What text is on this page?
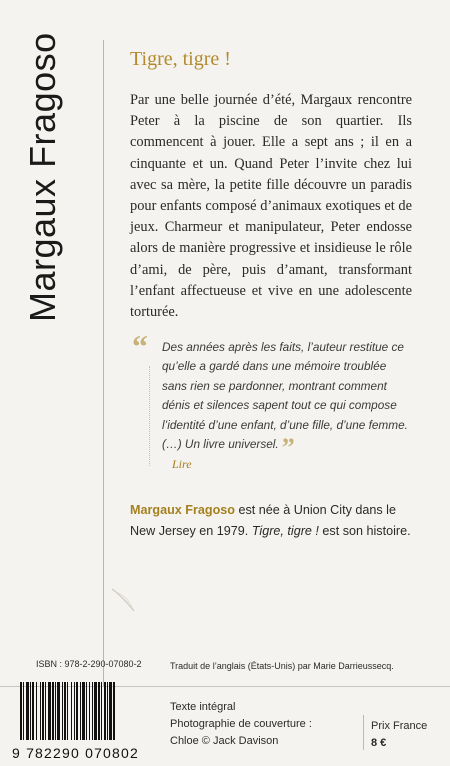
Margaux Fragoso	Tigre, tigre !
Par une belle journée d’été, Margaux rencontre Peter à la piscine de son quartier. Ils commencent à jouer. Elle a sept ans ; il en a cinquante et un. Quand Peter l’invite chez lui avec sa mère, la petite fille découvre un paradis pour enfants composé d’animaux exotiques et de jeux. Charmeur et manipulateur, Peter endosse alors de manière progressive et insidieuse le rôle d’ami, de père, puis d’amant, transformant l’enfant affectueuse et vive en une adolescente torturée.
“ Des années après les faits, l’auteur restitue ce qu’elle a gardé dans une mémoire troublée sans rien se pardonner, montrant comment dénis et silences sapent tout ce qui compose l’identité d’une enfant, d’une fille, d’une femme. (…) Un livre universel. ”
Lire
Margaux Fragoso est née à Union City dans le New Jersey en 1979. Tigre, tigre ! est son histoire.
ISBN : 978-2-290-07080-2	Traduit de l’anglais (États-Unis) par Marie Darrieussecq.
9 782290 070802
Texte intégral
Photographie de couverture :
Chloe © Jack Davison
Prix France
8 €
